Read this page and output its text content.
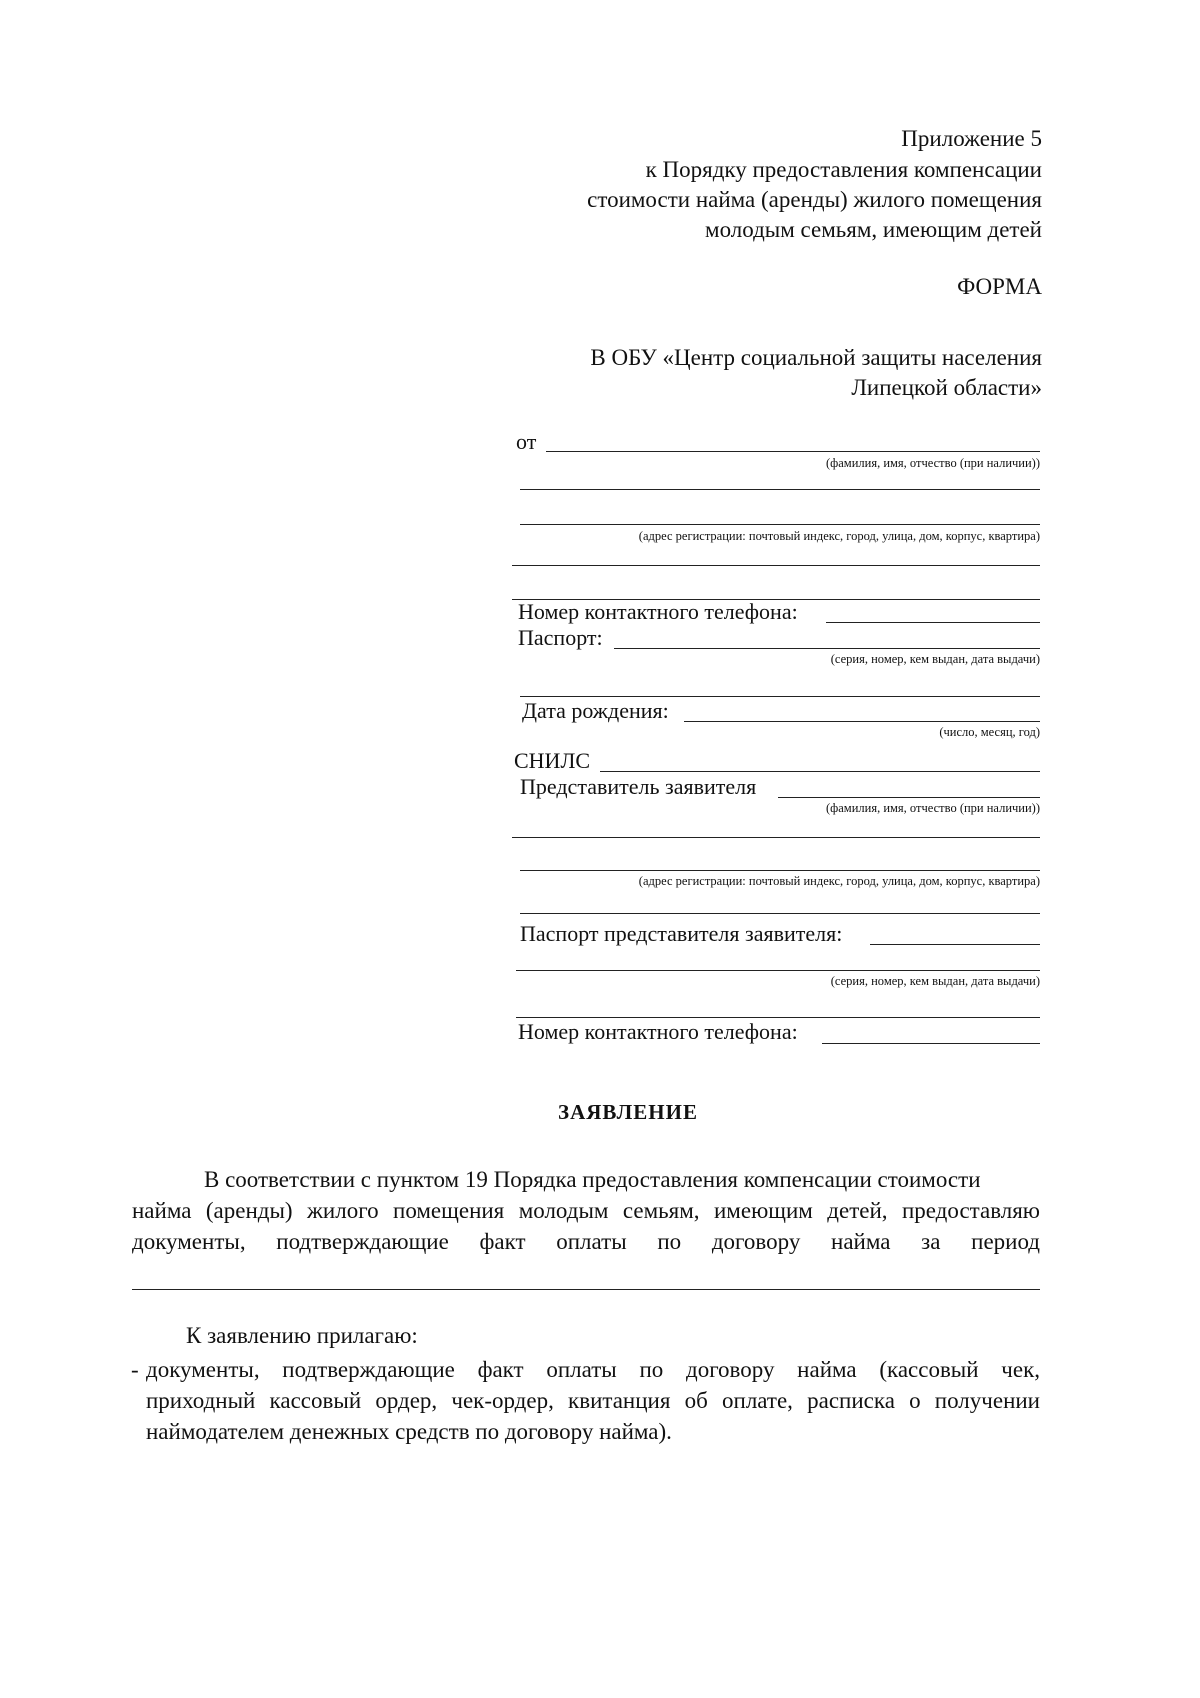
Приложение 5
к Порядку предоставления компенсации
стоимости найма (аренды) жилого помещения
молодым семьям, имеющим детей
ФОРМА
В ОБУ «Центр социальной защиты населения
Липецкой области»
от
(фамилия, имя, отчество (при наличии))
(адрес регистрации: почтовый индекс, город, улица, дом, корпус, квартира)
Номер контактного телефона:
Паспорт:
(серия, номер, кем выдан, дата выдачи)
Дата рождения:
(число, месяц, год)
СНИЛС
Представитель заявителя
(фамилия, имя, отчество (при наличии))
(адрес регистрации: почтовый индекс, город, улица, дом, корпус, квартира)
Паспорт представителя заявителя:
(серия, номер, кем выдан, дата выдачи)
Номер контактного телефона:
ЗАЯВЛЕНИЕ
В соответствии с пунктом 19 Порядка предоставления компенсации стоимости
найма (аренды) жилого помещения молодым семьям, имеющим детей, предоставляю
документы, подтверждающие факт оплаты по договору найма за период
К заявлению прилагаю:
- документы, подтверждающие факт оплаты по договору найма (кассовый чек,
приходный кассовый ордер, чек-ордер, квитанция об оплате, расписка о получении
наймодателем денежных средств по договору найма).
